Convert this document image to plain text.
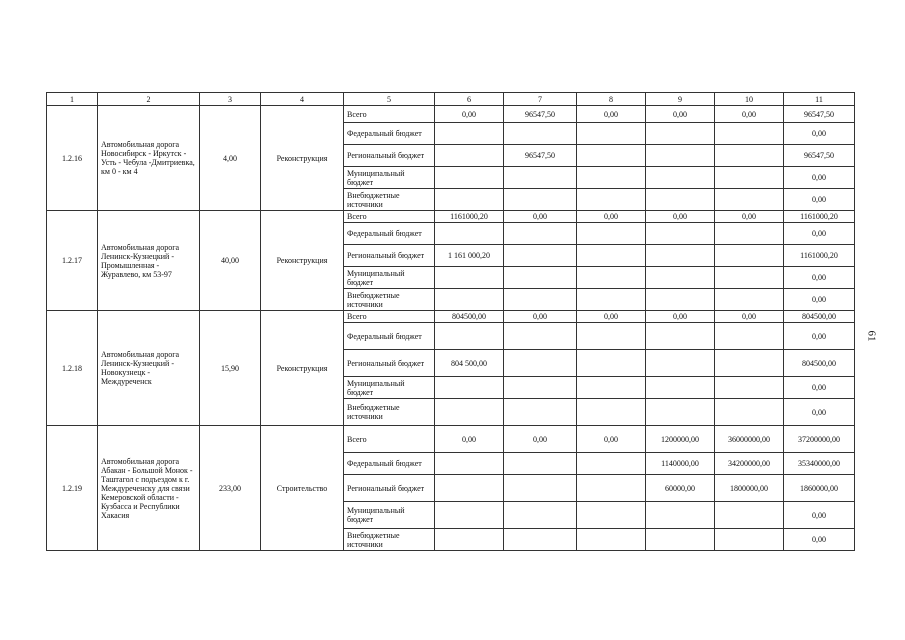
1	2	3	4	5	6	7	8	9	10	11
1.2.16	Автомобильная дорога Новосибирск - Иркутск - Усть - Чебула -Дмитриевка, км 0 - км 4	4,00	Реконструкция	Всего	0,00	96547,50	0,00	0,00	0,00	96547,50
				Федеральный бюджет						0,00
				Региональный бюджет		96547,50				96547,50
				Муниципальный бюджет						0,00
				Внебюджетные источники						0,00
1.2.17	Автомобильная дорога Ленинск-Кузнецкий - Промышленная - Журавлево, км 53-97	40,00	Реконструкция	Всего	1161000,20	0,00	0,00	0,00	0,00	1161000,20
				Федеральный бюджет						0,00
				Региональный бюджет	1 161 000,20					1161000,20
				Муниципальный бюджет						0,00
				Внебюджетные источники						0,00
1.2.18	Автомобильная дорога Ленинск-Кузнецкий - Новокузнецк - Междуреченск	15,90	Реконструкция	Всего	804500,00	0,00	0,00	0,00	0,00	804500,00
				Федеральный бюджет						0,00
				Региональный бюджет	804 500,00					804500,00
				Муниципальный бюджет						0,00
				Внебюджетные источники						0,00
1.2.19	Автомобильная дорога Абакан - Большой Монок - Таштагол с подъездом к г. Междуреченску для связи Кемеровской области - Кузбасса и Республики Хакасия	233,00	Строительство	Всего	0,00	0,00	0,00	1200000,00	36000000,00	37200000,00
				Федеральный бюджет				1140000,00	34200000,00	35340000,00
				Региональный бюджет				60000,00	1800000,00	1860000,00
				Муниципальный бюджет						0,00
				Внебюджетные источники						0,00
61
